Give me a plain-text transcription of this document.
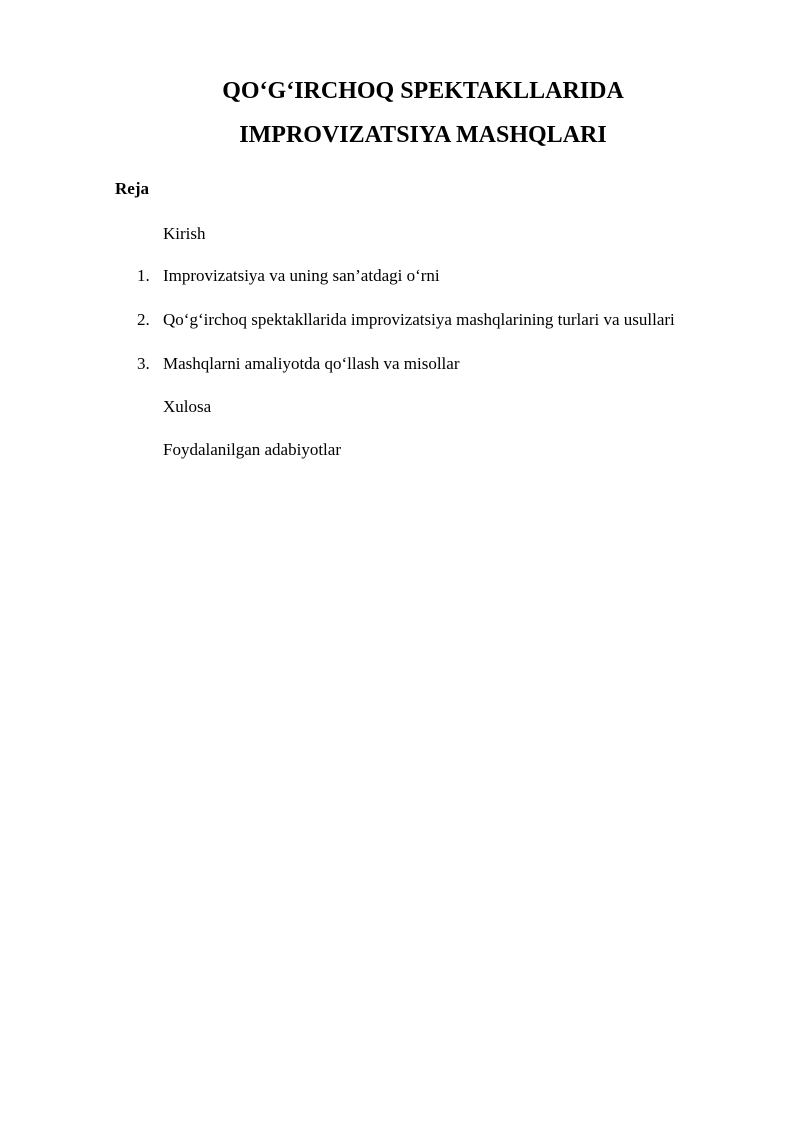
QO‘G‘IRCHOQ SPEKTAKLLARIDA
IMPROVIZATSIYA MASHQLARI
Reja
Kirish
1. Improvizatsiya va uning san’atdagi o‘rni
2. Qo‘g‘irchoq spektakllarida improvizatsiya mashqlarining turlari va usullari
3. Mashqlarni amaliyotda qo‘llash va misollar
Xulosa
Foydalanilgan adabiyotlar
